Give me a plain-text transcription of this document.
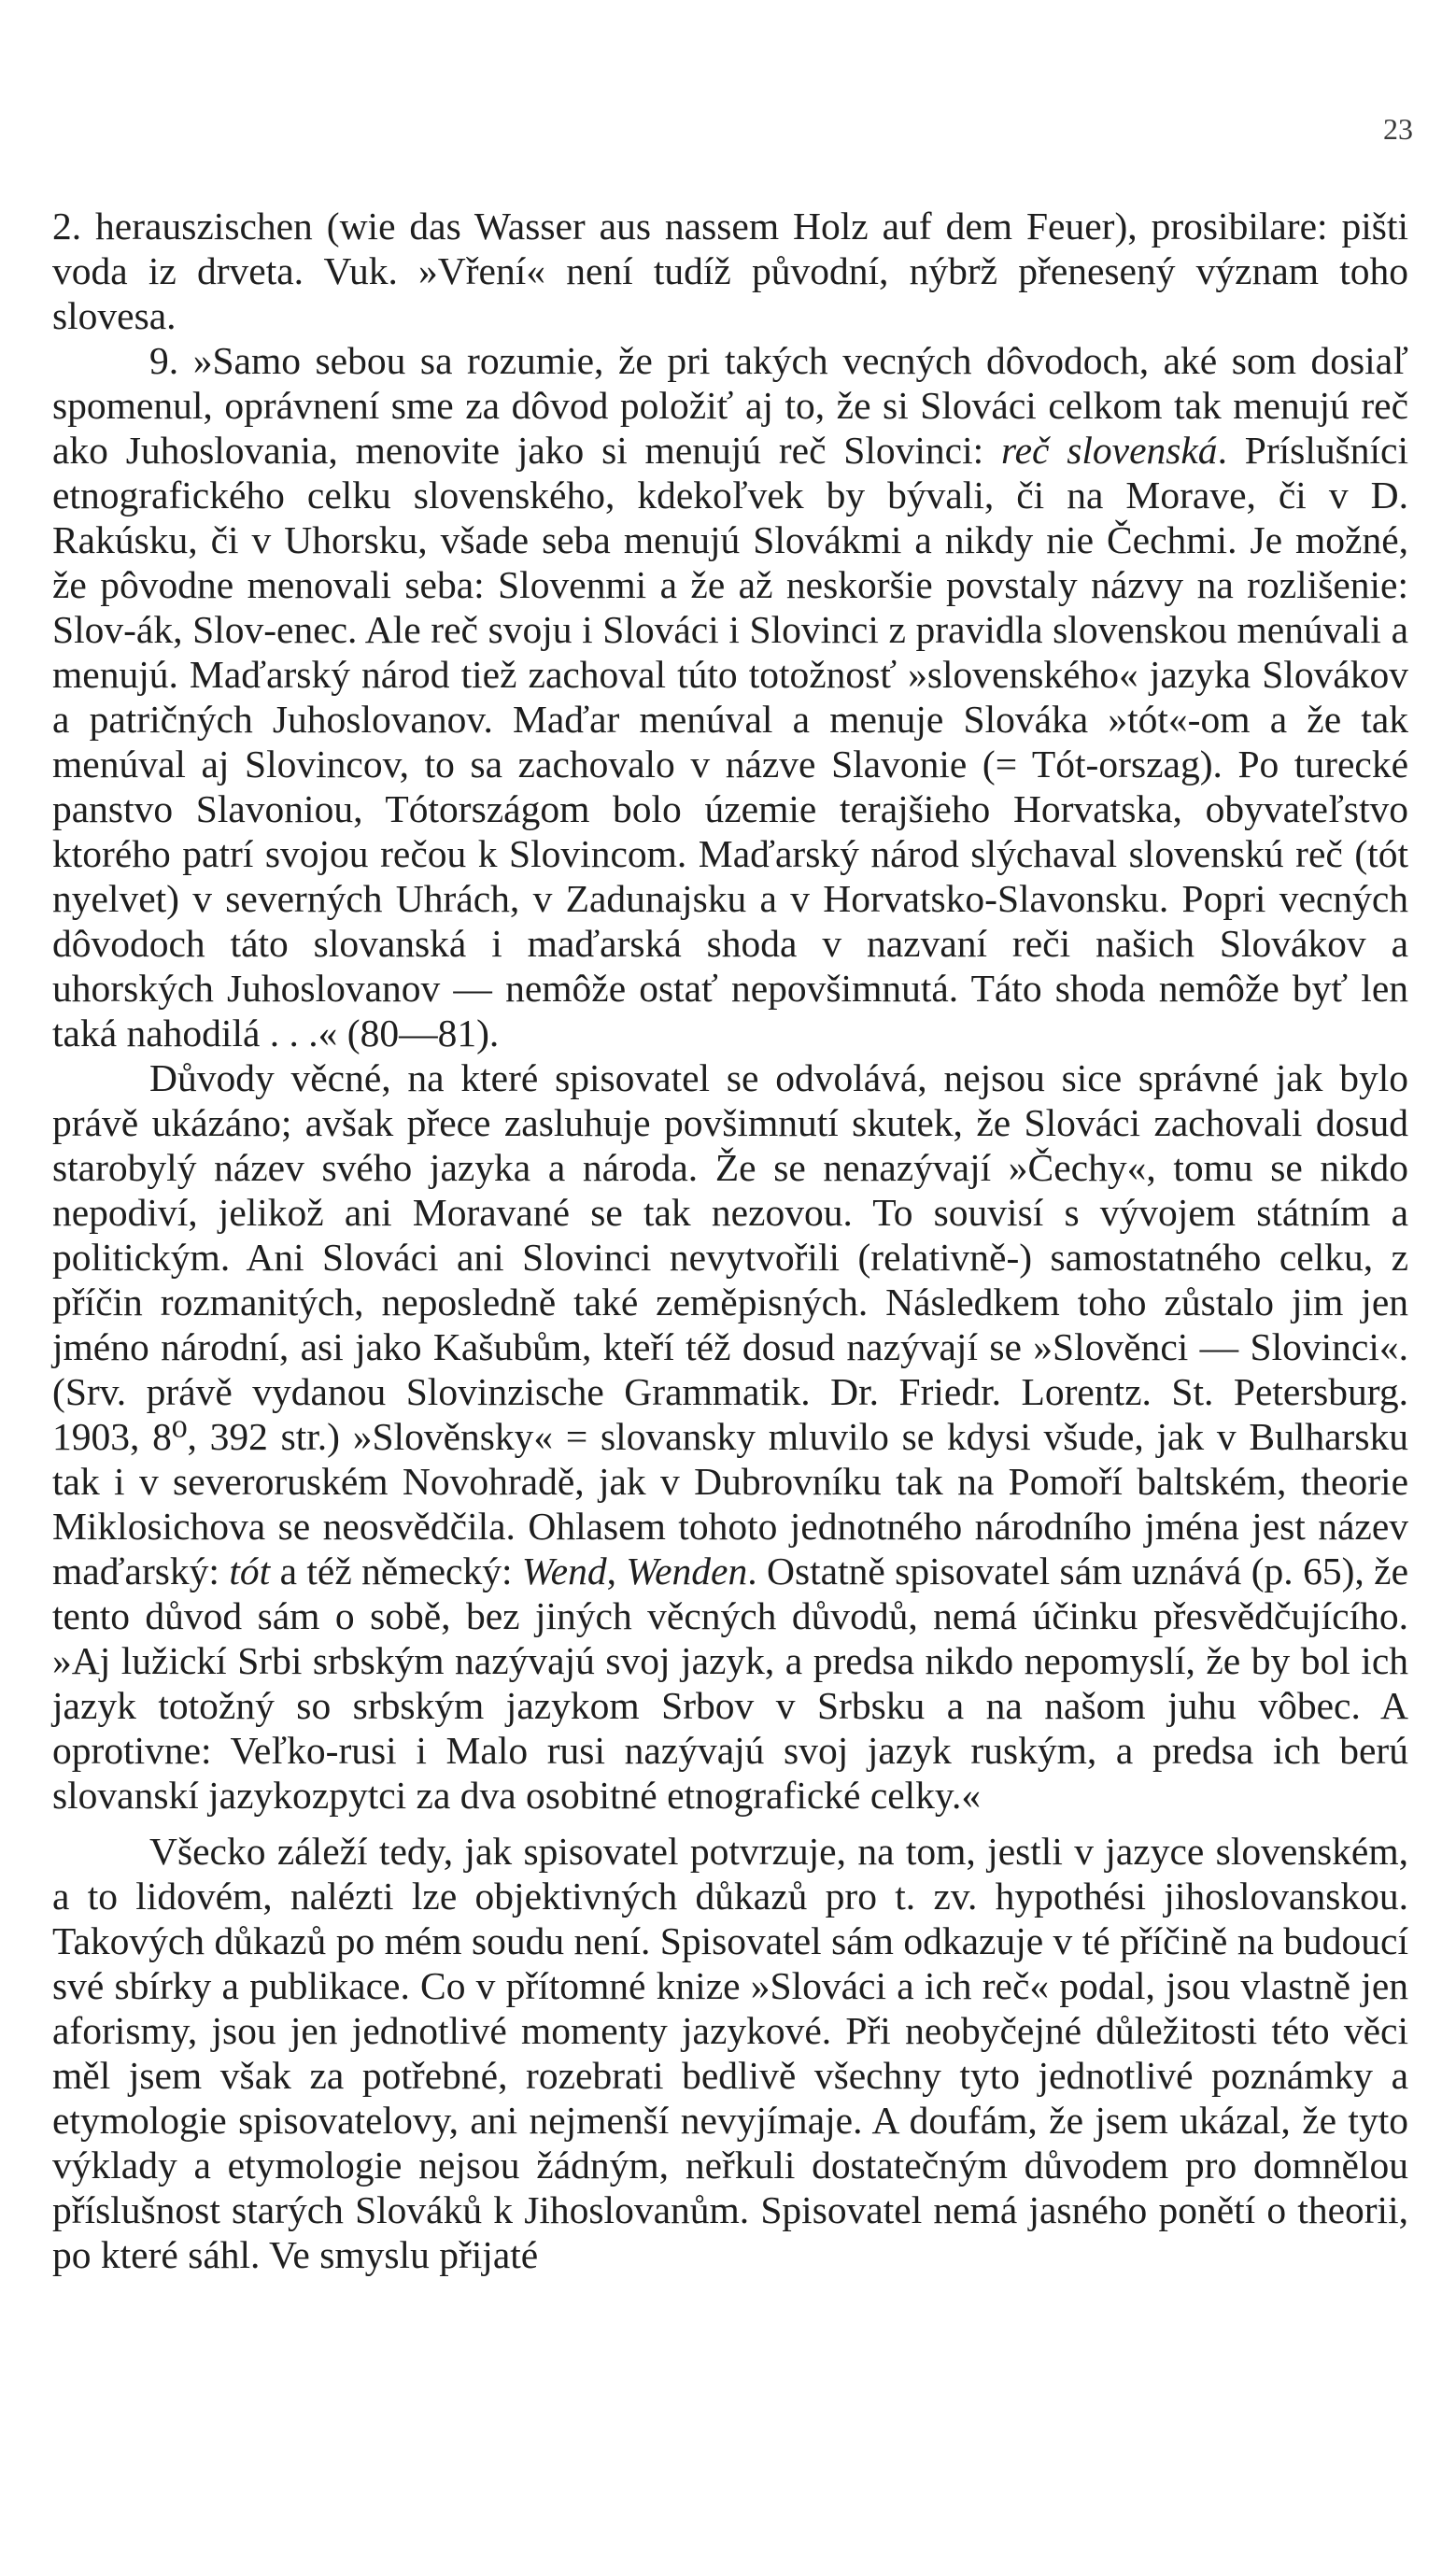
23

2. herauszischen (wie das Wasser aus nassem Holz auf dem Feuer), prosibilare: pišti voda iz drveta. Vuk. »Vření« není tudíž původní, nýbrž přenesený význam toho slovesa.

9. »Samo sebou sa rozumie, že pri takých vecných dôvodoch, aké som dosiaľ spomenul, oprávnení sme za dôvod položiť aj to, že si Slováci celkom tak menujú reč ako Juhoslovania, menovite jako si menujú reč Slovinci: reč slovenská. Príslušníci etnografického celku slovenského, kdekoľvek by bývali, či na Morave, či v D. Rakúsku, či v Uhorsku, všade seba menujú Slovákmi a nikdy nie Čechmi. Je možné, že pôvodne menovali seba: Slovenmi a že až neskoršie povstaly názvy na rozlišenie: Slov-ák, Slov-enec. Ale reč svoju i Slováci i Slovinci z pravidla slovenskou menúvali a menujú. Maďarský národ tiež zachoval túto totožnosť »slovenského« jazyka Slovákov a patričných Juhoslovanov. Maďar menúval a menuje Slováka »tót«-om a že tak menúval aj Slovincov, to sa zachovalo v názve Slavonie (= Tót-orszag). Po turecké panstvo Slavoniou, Tótországom bolo územie terajšieho Horvatska, obyvateľstvo ktorého patrí svojou rečou k Slovincom. Maďarský národ slýchaval slovenskú reč (tót nyelvet) v severných Uhrách, v Zadunajsku a v Horvatsko-Slavonsku. Popri vecných dôvodoch táto slovanská i maďarská shoda v nazvaní reči našich Slovákov a uhorských Juhoslovanov — nemôže ostať nepovšimnutá. Táto shoda nemôže byť len taká nahodilá . . .« (80—81).

Důvody věcné, na které spisovatel se odvolává, nejsou sice správné jak bylo právě ukázáno; avšak přece zasluhuje povšimnutí skutek, že Slováci zachovali dosud starobylý název svého jazyka a národa. Že se nenazývají »Čechy«, tomu se nikdo nepodiví, jelikož ani Moravané se tak nezovou. To souvisí s vývojem státním a politickým. Ani Slováci ani Slovinci nevytvořili (relativně-) samostatného celku, z příčin rozmanitých, neposledně také zeměpisných. Následkem toho zůstalo jim jen jméno národní, asi jako Kašubům, kteří též dosud nazývají se »Slověnci — Slovinci«. (Srv. právě vydanou Slovinzische Grammatik. Dr. Friedr. Lorentz. St. Petersburg. 1903, 8⁰, 392 str.) »Slověnsky« = slovansky mluvilo se kdysi všude, jak v Bulharsku tak i v severoruském Novohradě, jak v Dubrovníku tak na Pomoří baltském, theorie Miklosichova se neosvědčila. Ohlasem tohoto jednotného národního jména jest název maďarský: tót a též německý: Wend, Wenden. Ostatně spisovatel sám uznává (p. 65), že tento důvod sám o sobě, bez jiných věcných důvodů, nemá účinku přesvědčujícího. »Aj lužickí Srbi srbským nazývajú svoj jazyk, a predsa nikdo nepomyslí, že by bol ich jazyk totožný so srbským jazykom Srbov v Srbsku a na našom juhu vôbec. A oprotivne: Veľko-rusi i Malo rusi nazývajú svoj jazyk ruským, a predsa ich berú slovanskí jazykozpytci za dva osobitné etnografické celky.«

Všecko záleží tedy, jak spisovatel potvrzuje, na tom, jestli v jazyce slovenském, a to lidovém, nalézti lze objektivných důkazů pro t. zv. hypothési jihoslovanskou. Takových důkazů po mém soudu není. Spisovatel sám odkazuje v té příčině na budoucí své sbírky a publikace. Co v přítomné knize »Slováci a ich reč« podal, jsou vlastně jen aforismy, jsou jen jednotlivé momenty jazykové. Při neobyčejné důležitosti této věci měl jsem však za potřebné, rozebrati bedlivě všechny tyto jednotlivé poznámky a etymologie spisovatelovy, ani nejmenší nevyjímaje. A doufám, že jsem ukázal, že tyto výklady a etymologie nejsou žádným, neřkuli dostatečným důvodem pro domnělou příslušnost starých Slováků k Jihoslovanům. Spisovatel nemá jasného ponětí o theorii, po které sáhl. Ve smyslu přijaté
